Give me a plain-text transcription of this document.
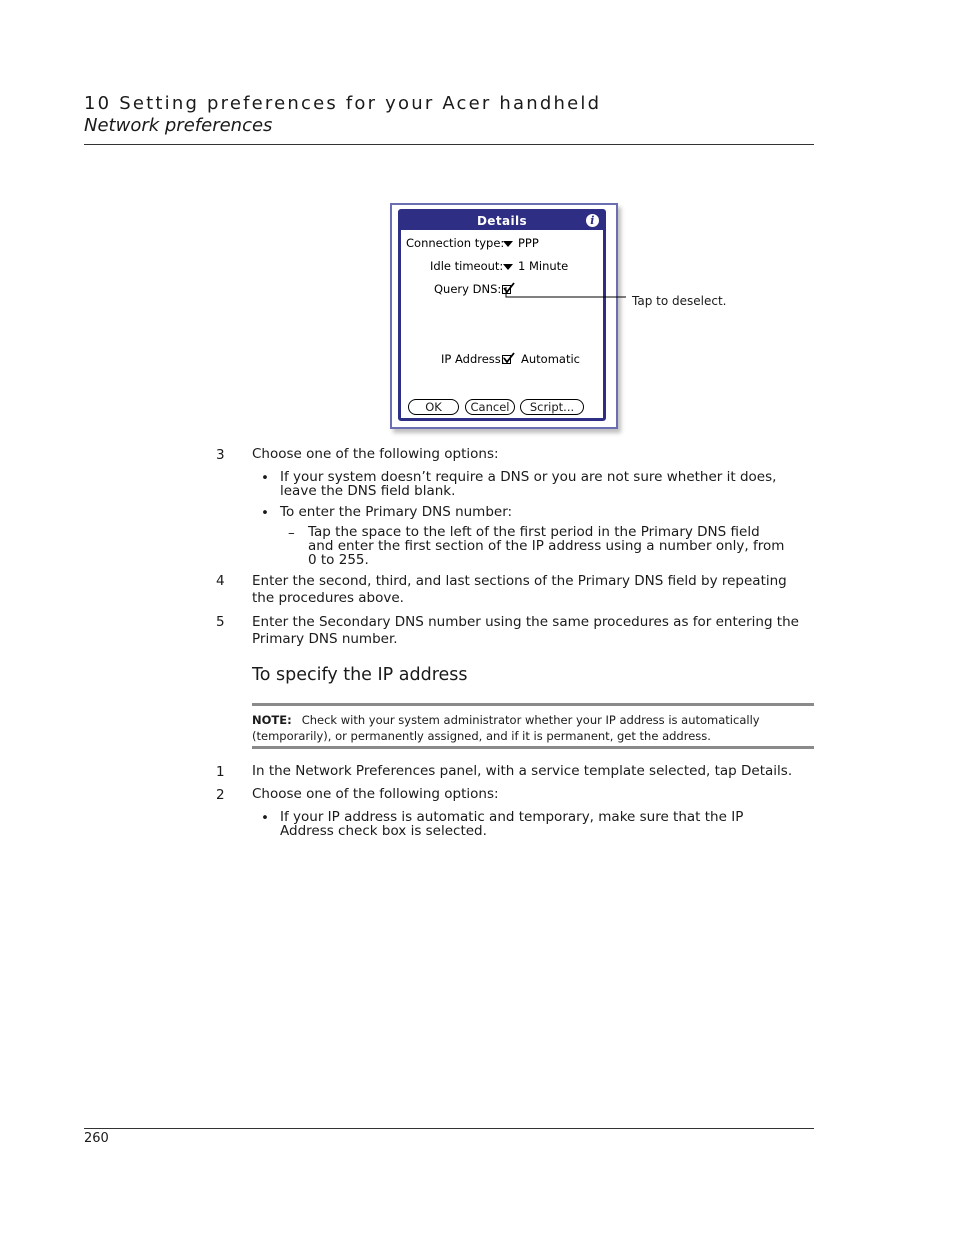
10 Setting preferences for your Acer handheld
Network preferences
Details	i
Connection type: PPP
Idle timeout: 1 Minute
Query DNS:
IP Address: Automatic
OK	Cancel	Script...
Tap to deselect.
3 Choose one of the following options:
• If your system doesn’t require a DNS or you are not sure whether it does, leave the DNS field blank.
• To enter the Primary DNS number:
– Tap the space to the left of the first period in the Primary DNS field and enter the first section of the IP address using a number only, from 0 to 255.
4 Enter the second, third, and last sections of the Primary DNS field by repeating the procedures above.
5 Enter the Secondary DNS number using the same procedures as for entering the Primary DNS number.
To specify the IP address
NOTE: Check with your system administrator whether your IP address is automatically (temporarily), or permanently assigned, and if it is permanent, get the address.
1 In the Network Preferences panel, with a service template selected, tap Details.
2 Choose one of the following options:
• If your IP address is automatic and temporary, make sure that the IP Address check box is selected.
260
